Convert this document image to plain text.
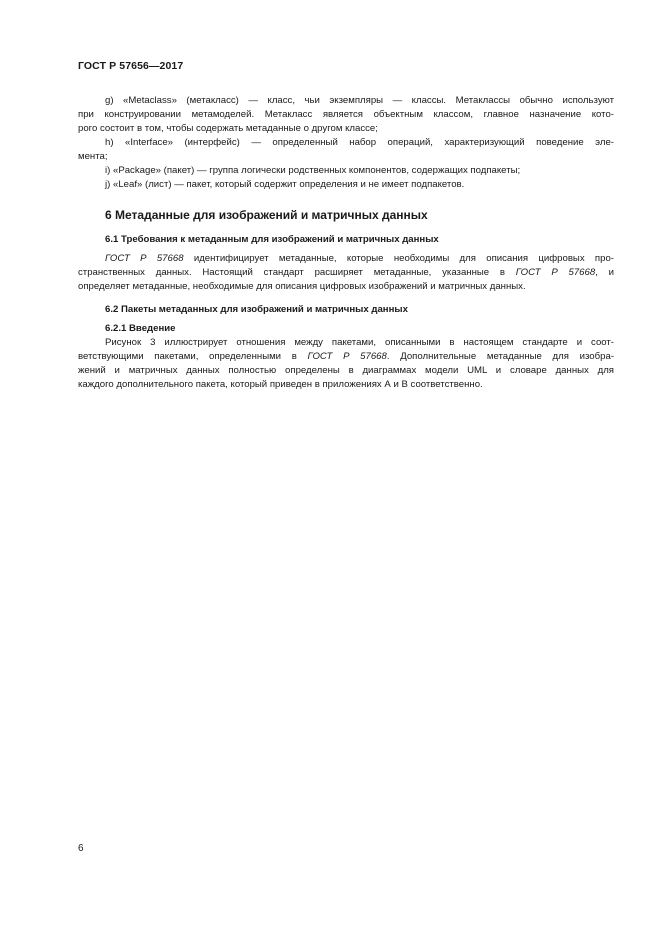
ГОСТ Р 57656—2017
g) «Metaclass» (метакласс) — класс, чьи экземпляры — классы. Метаклассы обычно используют
при конструировании метамоделей. Метакласс является объектным классом, главное назначение кото-
рого состоит в том, чтобы содержать метаданные о другом классе;
h) «Interface» (интерфейс) — определенный набор операций, характеризующий поведение эле-
мента;
i) «Package» (пакет) — группа логически родственных компонентов, содержащих подпакеты;
j) «Leaf» (лист) — пакет, который содержит определения и не имеет подпакетов.
6 Метаданные для изображений и матричных данных
6.1 Требования к метаданным для изображений и матричных данных
ГОСТ Р 57668 идентифицирует метаданные, которые необходимы для описания цифровых про-
странственных данных. Настоящий стандарт расширяет метаданные, указанные в ГОСТ Р 57668, и
определяет метаданные, необходимые для описания цифровых изображений и матричных данных.
6.2 Пакеты метаданных для изображений и матричных данных
6.2.1 Введение
Рисунок 3 иллюстрирует отношения между пакетами, описанными в настоящем стандарте и соот-
ветствующими пакетами, определенными в ГОСТ Р 57668. Дополнительные метаданные для изобра-
жений и матричных данных полностью определены в диаграммах модели UML и словаре данных для
каждого дополнительного пакета, который приведен в приложениях А и В соответственно.
6
